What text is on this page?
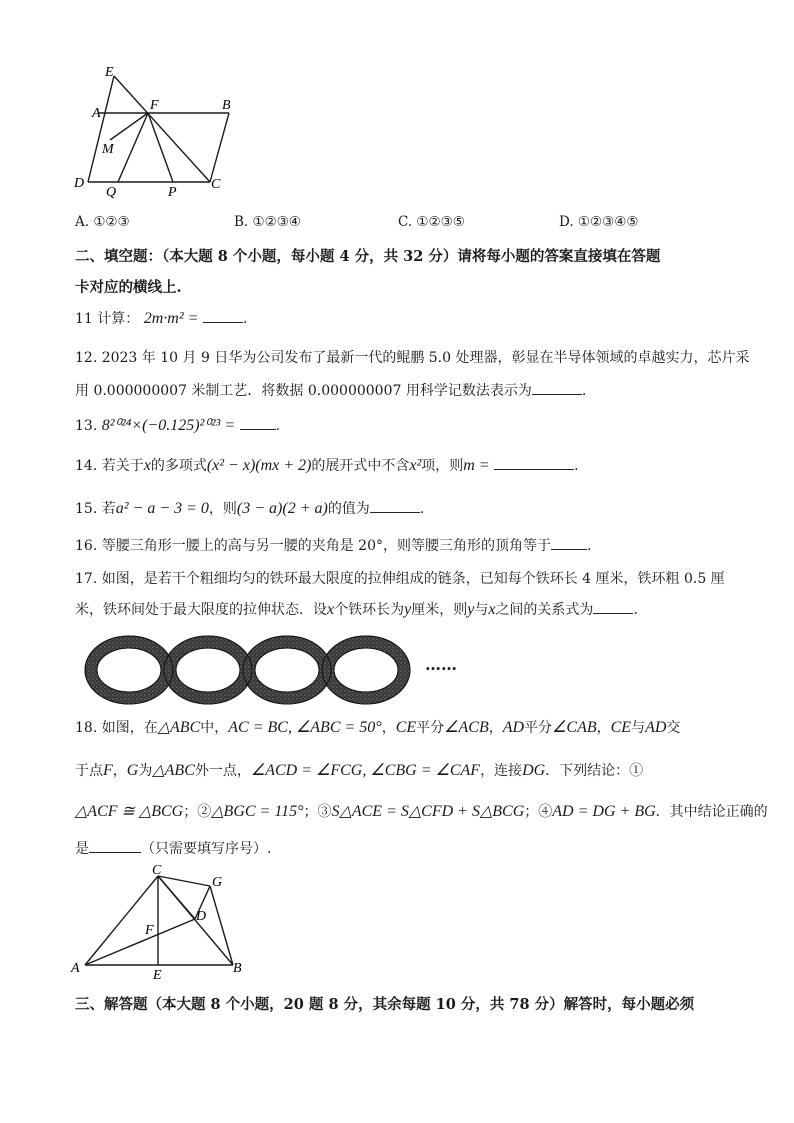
E
A
F	B
M
D
Q	P
C
A. ①②③	B. ①②③④	C. ①②③⑤	D. ①②③④⑤
二、填空题：（本大题 8 个小题，每小题 4 分，共 32 分）请将每小题的答案直接填在答题
卡对应的横线上.
11 计算： 2m·m² =	.
12. 2023 年 10 月 9 日华为公司发布了最新一代的鲲鹏 5.0 处理器，彰显在半导体领域的卓越实力，芯片采
用 0.000000007 米制工艺．将数据 0.000000007 用科学记数法表示为	.
13. 8²⁰²⁴×(−0.125)²⁰²³ =	.
14. 若关于x的多项式(x² − x)(mx + 2)的展开式中不含x²项，则m =	.
15. 若a² − a − 3 = 0，则(3 − a)(2 + a)的值为	.
16. 等腰三角形一腰上的高与另一腰的夹角是 20°，则等腰三角形的顶角等于	.
17. 如图，是若干个粗细均匀的铁环最大限度的拉伸组成的链条，已知每个铁环长 4 厘米，铁环粗 0.5 厘
米，铁环间处于最大限度的拉伸状态．设x个铁环长为y厘米，则y与x之间的关系式为	.
……
18. 如图，在△ABC中，AC = BC, ∠ABC = 50°，CE平分∠ACB，AD平分∠CAB，CE与AD交
于点F，G为△ABC外一点，∠ACD = ∠FCG, ∠CBG = ∠CAF，连接DG．下列结论：①
△ACF ≅ △BCG；②△BGC = 115°；③S△ACE = S△CFD + S△BCG；④AD = DG + BG．其中结论正确的
是	（只需要填写序号）.
C
G
D
F
A	E	B
三、解答题（本大题 8 个小题，20 题 8 分，其余每题 10 分，共 78 分）解答时，每小题必须
